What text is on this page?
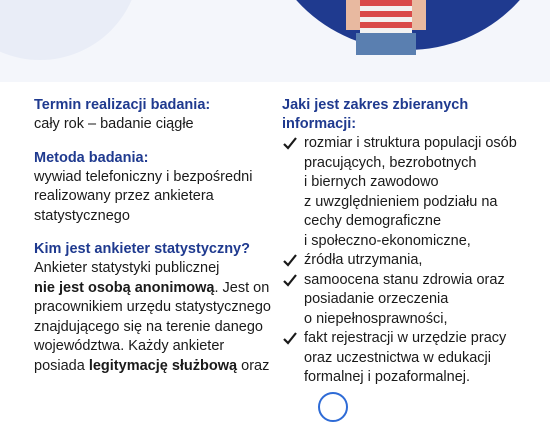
Termin realizacji badania:

cały rok – badanie ciągłe

Metoda badania:

wywiad telefoniczny i bezpośredni

realizowany przez ankietera

statystycznego

Kim jest ankieter statystyczny?

Ankieter statystyki publicznej

nie jest osobą anonimową. Jest on

pracownikiem urzędu statystycznego

znajdującego się na terenie danego

województwa. Każdy ankieter

posiada legitymację służbową oraz

Jaki jest zakres zbieranych informacji:

rozmiar i struktura populacji osób
pracujących, bezrobotnych
i biernych zawodowo
z uwzględnieniem podziału na
cechy demograficzne
i społeczno-ekonomiczne,
źródła utrzymania,
samoocena stanu zdrowia oraz
posiadanie orzeczenia
o niepełnosprawności,
fakt rejestracji w urzędzie pracy
oraz uczestnictwa w edukacji
formalnej i pozaformalnej.
